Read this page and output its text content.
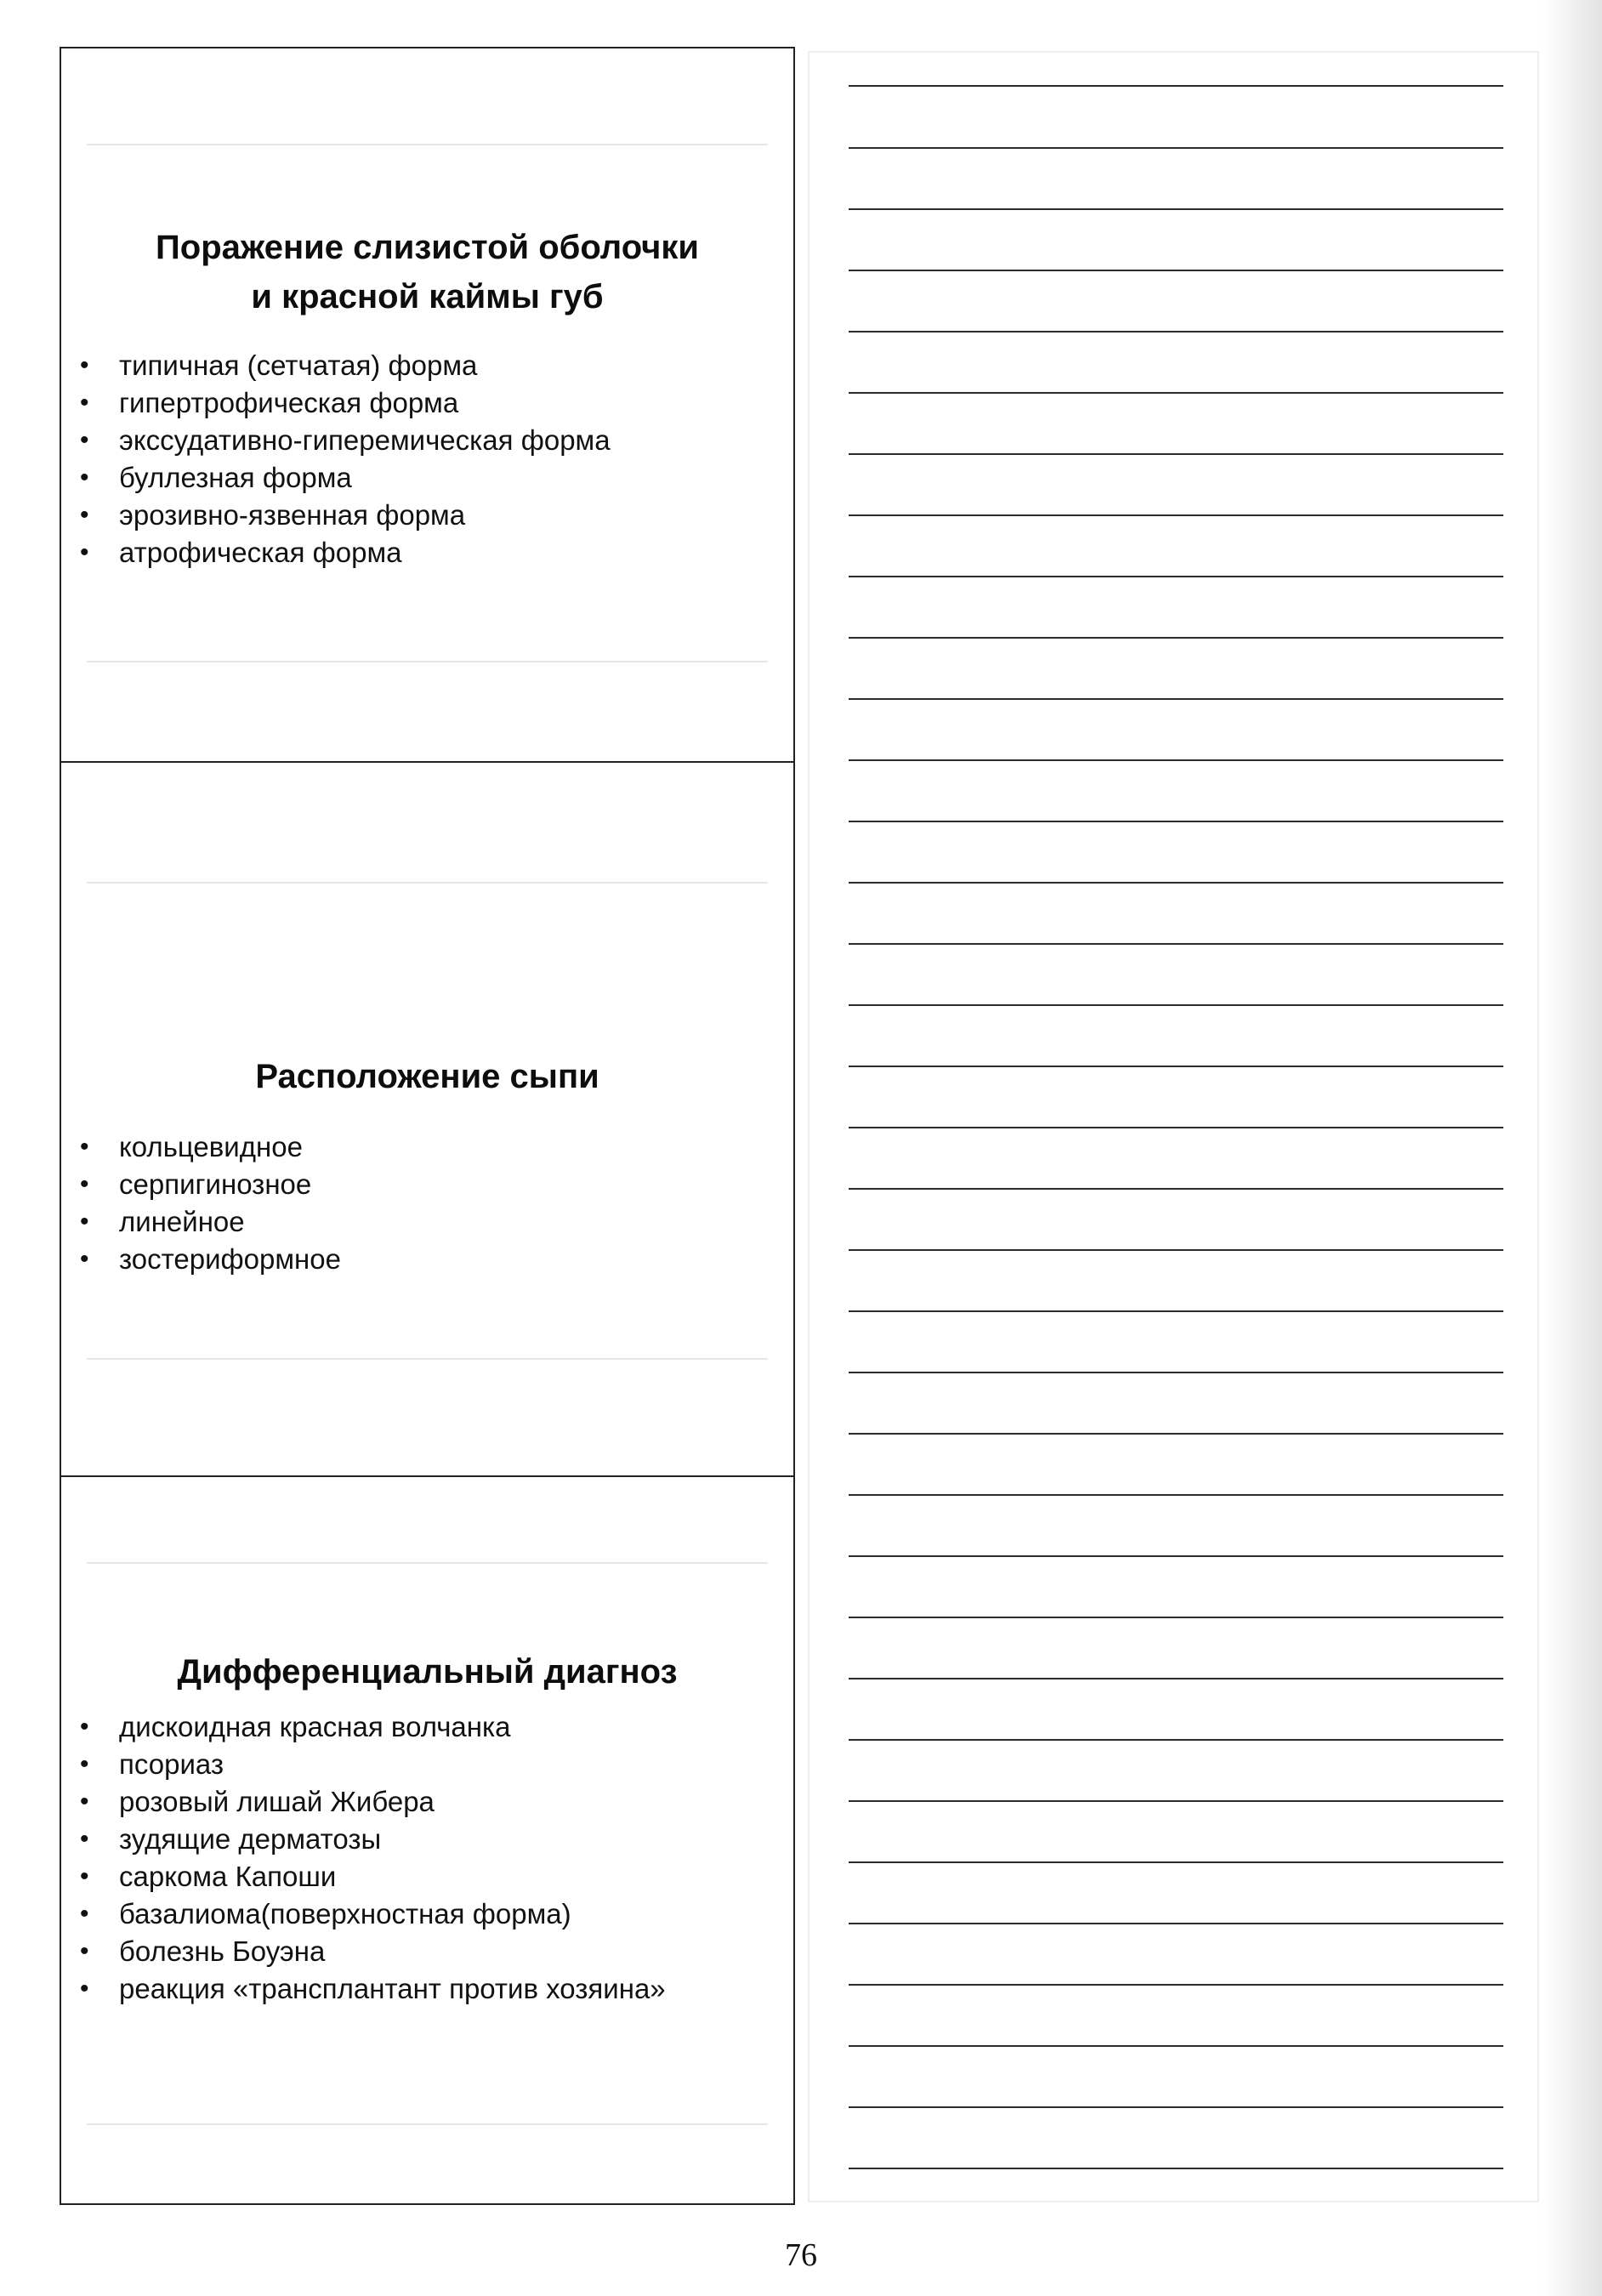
Поражение слизистой оболочки
и красной каймы губ
• типичная (сетчатая) форма
• гипертрофическая форма
• экссудативно-гиперемическая форма
• буллезная форма
• эрозивно-язвенная форма
• атрофическая форма
Расположение сыпи
• кольцевидное
• серпигинозное
• линейное
• зостериформное
Дифференциальный диагноз
• дискоидная красная волчанка
• псориаз
• розовый лишай Жибера
• зудящие дерматозы
• саркома Капоши
• базалиома(поверхностная форма)
• болезнь Боуэна
• реакция «трансплантант против хозяина»
76
